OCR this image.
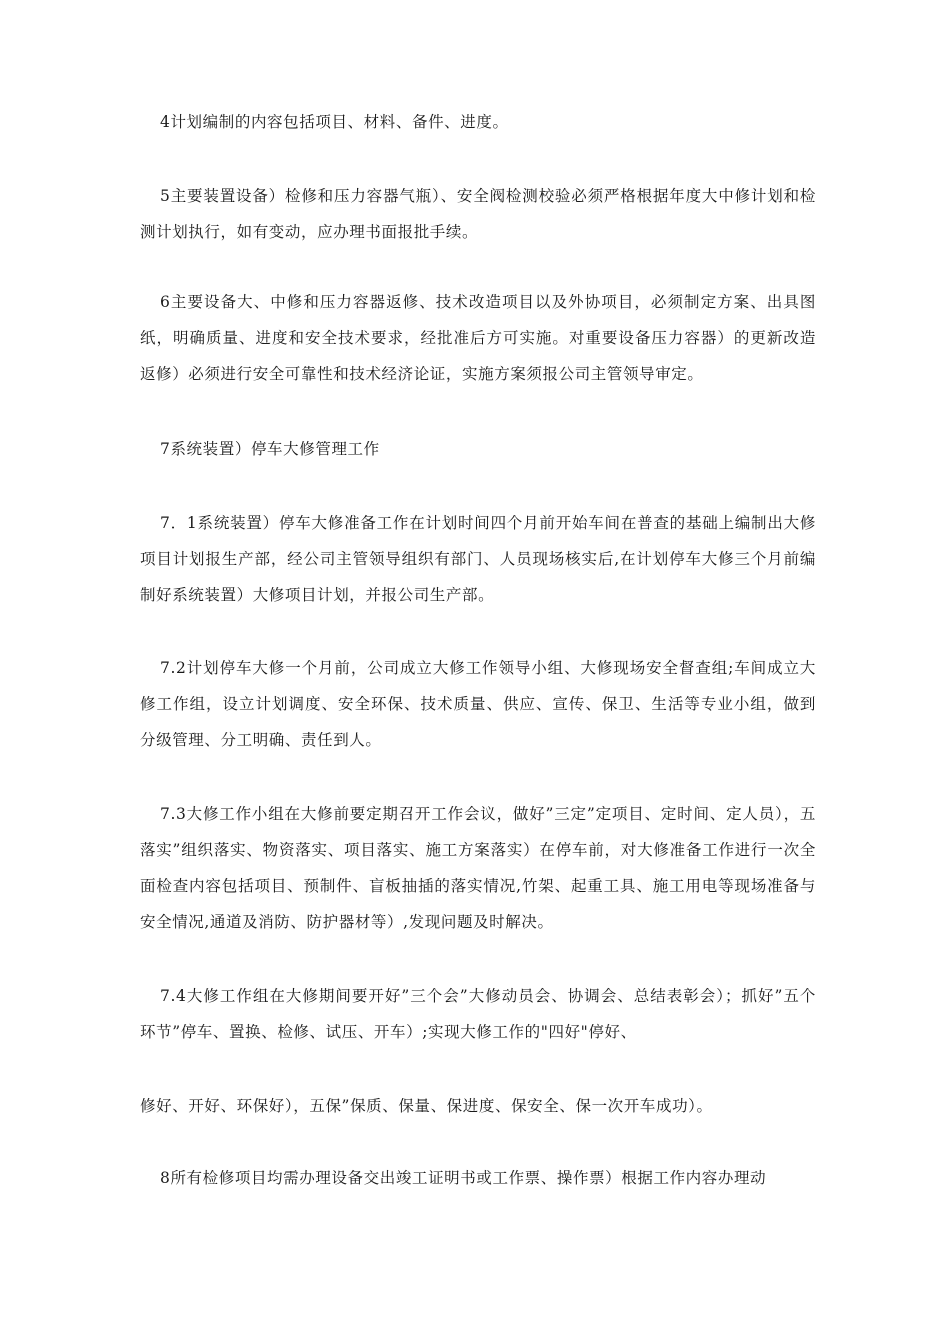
4计划编制的内容包括项目、材料、备件、进度。

5主要装置设备）检修和压力容器气瓶）、安全阀检测校验必须严格根据年度大中修计划和检测计划执行，如有变动，应办理书面报批手续。

6主要设备大、中修和压力容器返修、技术改造项目以及外协项目，必须制定方案、出具图纸，明确质量、进度和安全技术要求，经批准后方可实施。对重要设备压力容器）的更新改造返修）必须进行安全可靠性和技术经济论证，实施方案须报公司主管领导审定。

7系统装置）停车大修管理工作

7．1系统装置）停车大修准备工作在计划时间四个月前开始车间在普查的基础上编制出大修项目计划报生产部，经公司主管领导组织有部门、人员现场核实后,在计划停车大修三个月前编制好系统装置）大修项目计划，并报公司生产部。

7.2计划停车大修一个月前，公司成立大修工作领导小组、大修现场安全督查组;车间成立大修工作组，设立计划调度、安全环保、技术质量、供应、宣传、保卫、生活等专业小组，做到分级管理、分工明确、责任到人。

7.3大修工作小组在大修前要定期召开工作会议，做好”三定”定项目、定时间、定人员），五落实”组织落实、物资落实、项目落实、施工方案落实）在停车前，对大修准备工作进行一次全面检查内容包括项目、预制件、盲板抽插的落实情况,竹架、起重工具、施工用电等现场准备与安全情况,通道及消防、防护器材等）,发现问题及时解决。

7.4大修工作组在大修期间要开好”三个会”大修动员会、协调会、总结表彰会）；抓好”五个环节”停车、置换、检修、试压、开车）;实现大修工作的"四好"停好、

修好、开好、环保好），五保”保质、保量、保进度、保安全、保一次开车成功）。

8所有检修项目均需办理设备交出竣工证明书或工作票、操作票）根据工作内容办理动
